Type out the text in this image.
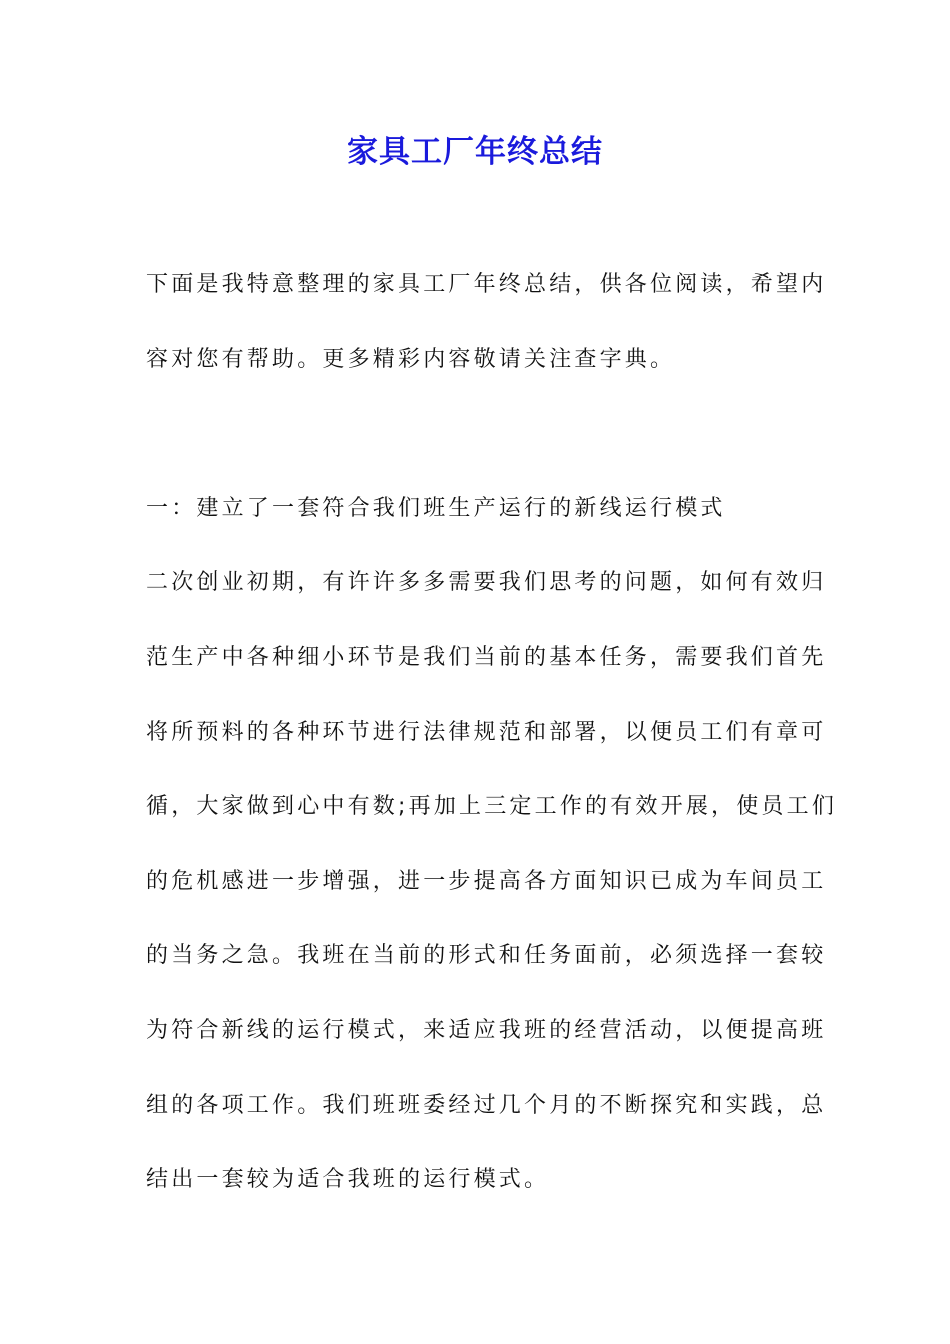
家具工厂年终总结
下面是我特意整理的家具工厂年终总结，供各位阅读，希望内
容对您有帮助。更多精彩内容敬请关注查字典。
一：建立了一套符合我们班生产运行的新线运行模式
二次创业初期，有许许多多需要我们思考的问题，如何有效归
范生产中各种细小环节是我们当前的基本任务，需要我们首先
将所预料的各种环节进行法律规范和部署，以便员工们有章可
循，大家做到心中有数;再加上三定工作的有效开展，使员工们
的危机感进一步增强，进一步提高各方面知识已成为车间员工
的当务之急。我班在当前的形式和任务面前，必须选择一套较
为符合新线的运行模式，来适应我班的经营活动，以便提高班
组的各项工作。我们班班委经过几个月的不断探究和实践，总
结出一套较为适合我班的运行模式。
